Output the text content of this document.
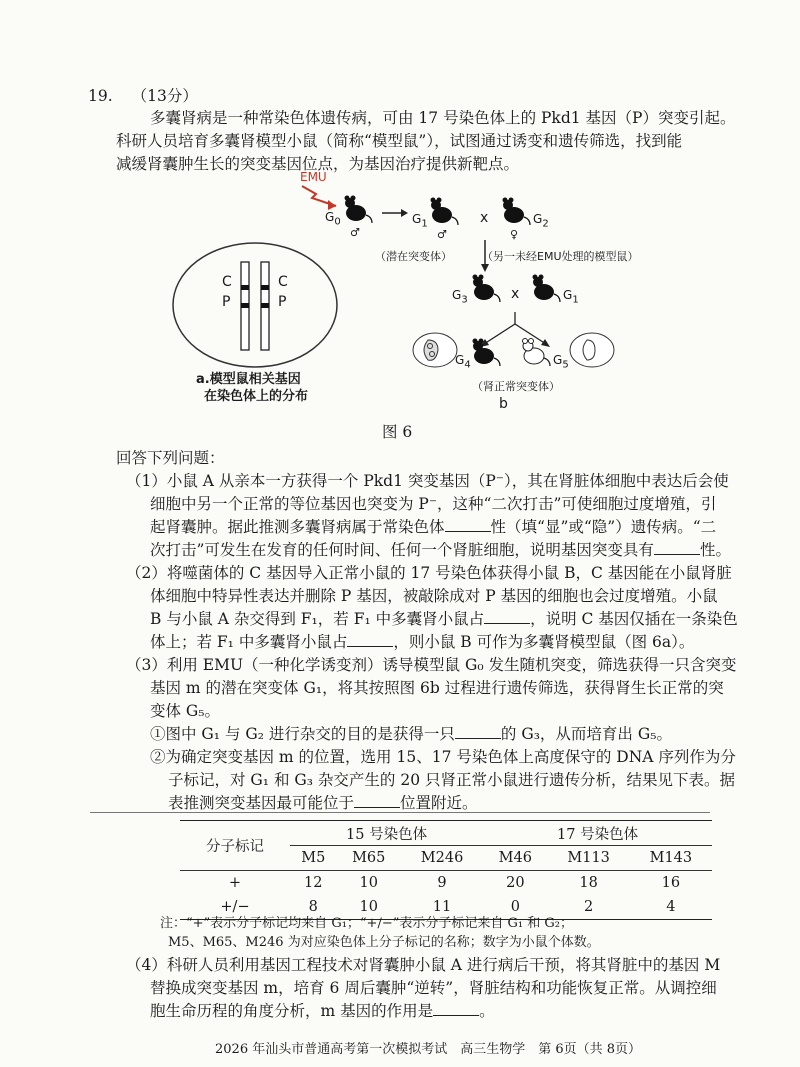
19. （13分）
多囊肾病是一种常染色体遗传病，可由 17 号染色体上的 Pkd1 基因（P）突变引起。
科研人员培育多囊肾模型小鼠（简称“模型鼠”），试图通过诱变和遗传筛选，找到能
减缓肾囊肿生长的突变基因位点，为基因治疗提供新靶点。
C	C
P	P
a.模型鼠相关基因
在染色体上的分布
EMU
$G_0$
♂
$G_1$
♂
x	$G_2$
♀
（潜在突变体）	（另一未经EMU处理的模型鼠）
$G_3$	x	$G_1$
$G_4$	$G_5$
（肾正常突变体）
b
图 6
回答下列问题：
（1）小鼠 A 从亲本一方获得一个 Pkd1 突变基因（P⁻），其在肾脏体细胞中表达后会使
细胞中另一个正常的等位基因也突变为 P⁻，这种“二次打击”可使细胞过度增殖，引
起肾囊肿。据此推测多囊肾病属于常染色体	性（填“显”或“隐”）遗传病。“二
次打击”可发生在发育的任何时间、任何一个肾脏细胞，说明基因突变具有	性。
（2）将噬菌体的 C 基因导入正常小鼠的 17 号染色体获得小鼠 B，C 基因能在小鼠肾脏
体细胞中特异性表达并删除 P 基因，被敲除成对 P 基因的细胞也会过度增殖。小鼠
B 与小鼠 A 杂交得到 F₁，若 F₁ 中多囊肾小鼠占	，说明 C 基因仅插在一条染色
体上；若 F₁ 中多囊肾小鼠占	，则小鼠 B 可作为多囊肾模型鼠（图 6a）。
（3）利用 EMU（一种化学诱变剂）诱导模型鼠 G₀ 发生随机突变，筛选获得一只含突变
基因 m 的潜在突变体 G₁，将其按照图 6b 过程进行遗传筛选，获得肾生长正常的突
变体 G₅。
①图中 G₁ 与 G₂ 进行杂交的目的是获得一只	的 G₃，从而培育出 G₅。
②为确定突变基因 m 的位置，选用 15、17 号染色体上高度保守的 DNA 序列作为分
子标记，对 G₁ 和 G₃ 杂交产生的 20 只肾正常小鼠进行遗传分析，结果见下表。据
表推测突变基因最可能位于	位置附近。
分子标记	15 号染色体			17 号染色体		
	M5	M65	M246	M46	M113	M143
+	12	10	9	20	18	16
+/−	8	10	11	0	2	4
注：“+”表示分子标记均来自 G₁；“+/−”表示分子标记来自 G₁ 和 G₂；
M5、M65、M246 为对应染色体上分子标记的名称；数字为小鼠个体数。
（4）科研人员利用基因工程技术对肾囊肿小鼠 A 进行病后干预，将其肾脏中的基因 M
替换成突变基因 m，培育 6 周后囊肿“逆转”，肾脏结构和功能恢复正常。从调控细
胞生命历程的角度分析，m 基因的作用是	。
2026 年汕头市普通高考第一次模拟考试　高三生物学　第 6页（共 8页）
